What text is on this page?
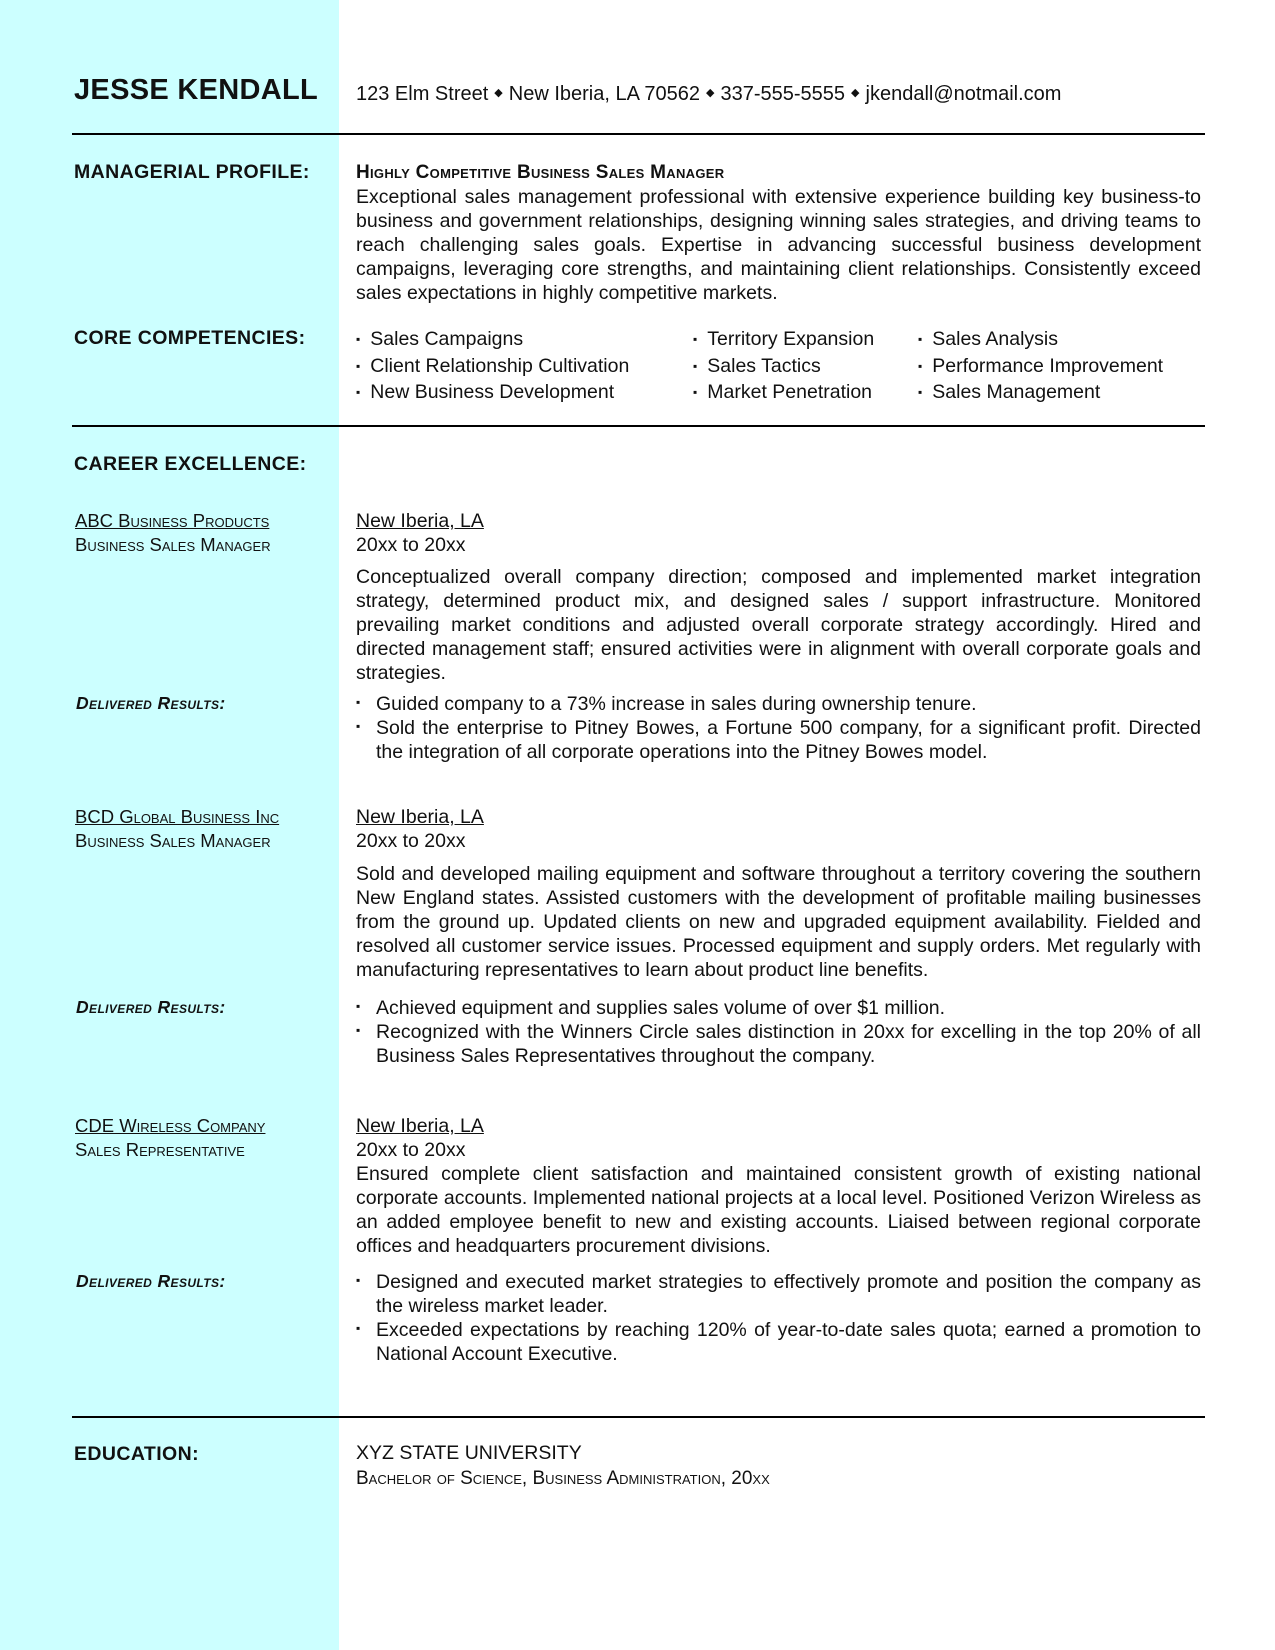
JESSE KENDALL 123 Elm Street ◆ New Iberia, LA 70562 ◆ 337-555-5555 ◆ jkendall@notmail.com
MANAGERIAL PROFILE: Highly Competitive Business Sales Manager
Exceptional sales management professional with extensive experience building key business-to business and government relationships, designing winning sales strategies, and driving teams to reach challenging sales goals. Expertise in advancing successful business development campaigns, leveraging core strengths, and maintaining client relationships. Consistently exceed sales expectations in highly competitive markets.
CORE COMPETENCIES:	▪ Sales Campaigns
▪ Client Relationship Cultivation
▪ New Business Development
▪ Territory Expansion
▪ Sales Tactics
▪ Market Penetration
▪ Sales Analysis
▪ Performance Improvement
▪ Sales Management
CAREER EXCELLENCE:
ABC Business Products
Business Sales Manager
New Iberia, LA
20xx to 20xx
Conceptualized overall company direction; composed and implemented market integration strategy, determined product mix, and designed sales / support infrastructure. Monitored prevailing market conditions and adjusted overall corporate strategy accordingly. Hired and directed management staff; ensured activities were in alignment with overall corporate goals and strategies.
Delivered Results:	▪ Guided company to a 73% increase in sales during ownership tenure.
▪ Sold the enterprise to Pitney Bowes, a Fortune 500 company, for a significant profit. Directed the integration of all corporate operations into the Pitney Bowes model.
BCD Global Business Inc
Business Sales Manager
New Iberia, LA
20xx to 20xx
Sold and developed mailing equipment and software throughout a territory covering the southern New England states. Assisted customers with the development of profitable mailing businesses from the ground up. Updated clients on new and upgraded equipment availability. Fielded and resolved all customer service issues. Processed equipment and supply orders. Met regularly with manufacturing representatives to learn about product line benefits.
Delivered Results:	▪ Achieved equipment and supplies sales volume of over $1 million.
▪ Recognized with the Winners Circle sales distinction in 20xx for excelling in the top 20% of all Business Sales Representatives throughout the company.
CDE Wireless Company
Sales Representative
New Iberia, LA
20xx to 20xx
Ensured complete client satisfaction and maintained consistent growth of existing national corporate accounts. Implemented national projects at a local level. Positioned Verizon Wireless as an added employee benefit to new and existing accounts. Liaised between regional corporate offices and headquarters procurement divisions.
Delivered Results:	▪ Designed and executed market strategies to effectively promote and position the company as the wireless market leader.
▪ Exceeded expectations by reaching 120% of year-to-date sales quota; earned a promotion to National Account Executive.
EDUCATION:	XYZ STATE UNIVERSITY
Bachelor of Science, Business Administration, 20xx
